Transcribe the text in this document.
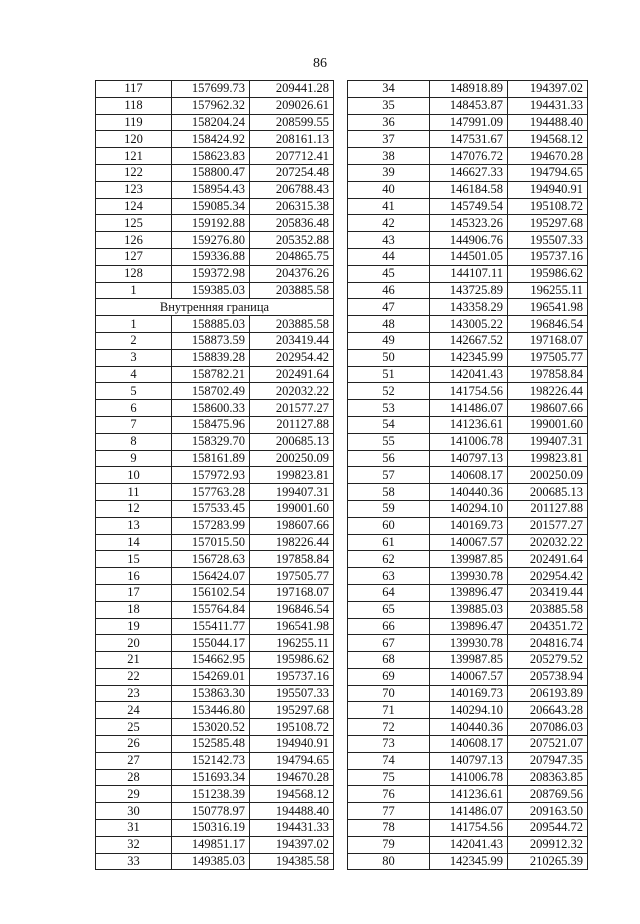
86
117	157699.73	209441.28
118	157962.32	209026.61
119	158204.24	208599.55
120	158424.92	208161.13
121	158623.83	207712.41
122	158800.47	207254.48
123	158954.43	206788.43
124	159085.34	206315.38
125	159192.88	205836.48
126	159276.80	205352.88
127	159336.88	204865.75
128	159372.98	204376.26
1	159385.03	203885.58
Внутренняя граница		
1	158885.03	203885.58
2	158873.59	203419.44
3	158839.28	202954.42
4	158782.21	202491.64
5	158702.49	202032.22
6	158600.33	201577.27
7	158475.96	201127.88
8	158329.70	200685.13
9	158161.89	200250.09
10	157972.93	199823.81
11	157763.28	199407.31
12	157533.45	199001.60
13	157283.99	198607.66
14	157015.50	198226.44
15	156728.63	197858.84
16	156424.07	197505.77
17	156102.54	197168.07
18	155764.84	196846.54
19	155411.77	196541.98
20	155044.17	196255.11
21	154662.95	195986.62
22	154269.01	195737.16
23	153863.30	195507.33
24	153446.80	195297.68
25	153020.52	195108.72
26	152585.48	194940.91
27	152142.73	194794.65
28	151693.34	194670.28
29	151238.39	194568.12
30	150778.97	194488.40
31	150316.19	194431.33
32	149851.17	194397.02
33	149385.03	194385.58
34	148918.89	194397.02
35	148453.87	194431.33
36	147991.09	194488.40
37	147531.67	194568.12
38	147076.72	194670.28
39	146627.33	194794.65
40	146184.58	194940.91
41	145749.54	195108.72
42	145323.26	195297.68
43	144906.76	195507.33
44	144501.05	195737.16
45	144107.11	195986.62
46	143725.89	196255.11
47	143358.29	196541.98
48	143005.22	196846.54
49	142667.52	197168.07
50	142345.99	197505.77
51	142041.43	197858.84
52	141754.56	198226.44
53	141486.07	198607.66
54	141236.61	199001.60
55	141006.78	199407.31
56	140797.13	199823.81
57	140608.17	200250.09
58	140440.36	200685.13
59	140294.10	201127.88
60	140169.73	201577.27
61	140067.57	202032.22
62	139987.85	202491.64
63	139930.78	202954.42
64	139896.47	203419.44
65	139885.03	203885.58
66	139896.47	204351.72
67	139930.78	204816.74
68	139987.85	205279.52
69	140067.57	205738.94
70	140169.73	206193.89
71	140294.10	206643.28
72	140440.36	207086.03
73	140608.17	207521.07
74	140797.13	207947.35
75	141006.78	208363.85
76	141236.61	208769.56
77	141486.07	209163.50
78	141754.56	209544.72
79	142041.43	209912.32
80	142345.99	210265.39
